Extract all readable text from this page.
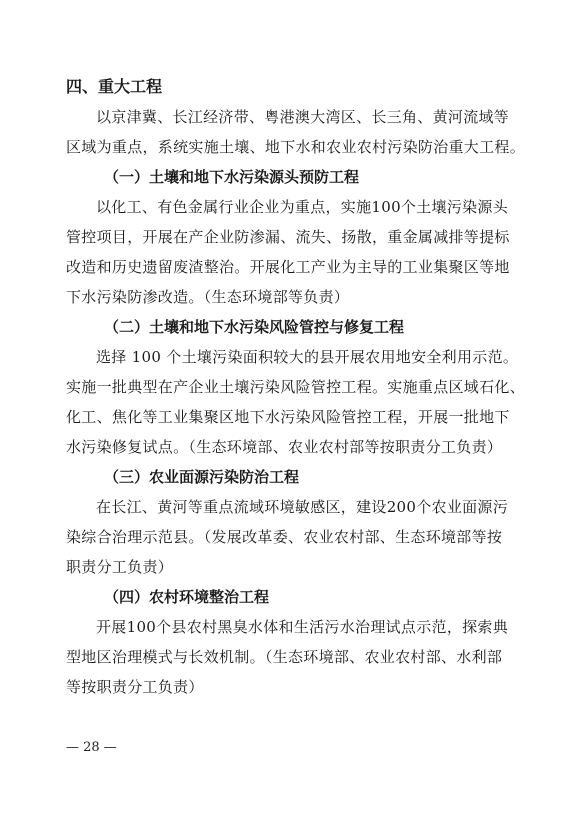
四、重大工程

以京津冀、长江经济带、粤港澳大湾区、长三角、黄河流域等
区域为重点，系统实施土壤、地下水和农业农村污染防治重大工程。

（一）土壤和地下水污染源头预防工程

以化工、有色金属行业企业为重点，实施100个土壤污染源头
管控项目，开展在产企业防渗漏、流失、扬散，重金属减排等提标
改造和历史遗留废渣整治。开展化工产业为主导的工业集聚区等地
下水污染防渗改造。（生态环境部等负责）

（二）土壤和地下水污染风险管控与修复工程

选择 100 个土壤污染面积较大的县开展农用地安全利用示范。
实施一批典型在产企业土壤污染风险管控工程。实施重点区域石化、
化工、焦化等工业集聚区地下水污染风险管控工程，开展一批地下
水污染修复试点。（生态环境部、农业农村部等按职责分工负责）

（三）农业面源污染防治工程

在长江、黄河等重点流域环境敏感区，建设200个农业面源污
染综合治理示范县。（发展改革委、农业农村部、生态环境部等按
职责分工负责）

（四）农村环境整治工程

开展100个县农村黑臭水体和生活污水治理试点示范，探索典
型地区治理模式与长效机制。（生态环境部、农业农村部、水利部
等按职责分工负责）

— 28 —
